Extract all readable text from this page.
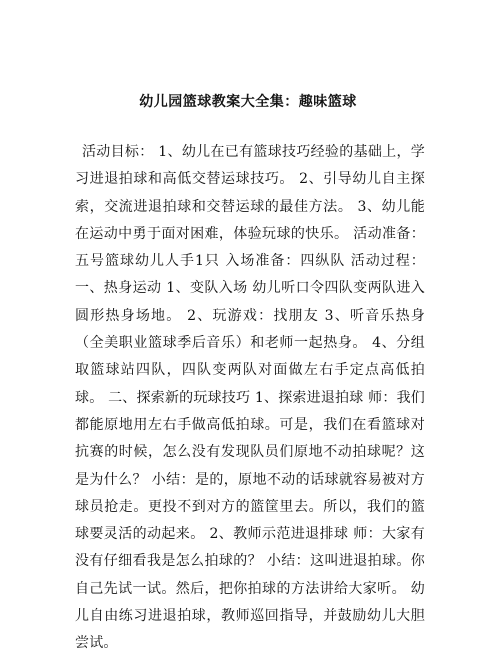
幼儿园篮球教案大全集：趣味篮球
活动目标： 1、幼儿在已有篮球技巧经验的基础上，学习进退拍球和高低交替运球技巧。 2、引导幼儿自主探索，交流进退拍球和交替运球的最佳方法。 3、幼儿能在运动中勇于面对困难，体验玩球的快乐。 活动准备：五号篮球幼儿人手1只 入场准备：四纵队 活动过程：一、热身运动 1、变队入场 幼儿听口令四队变两队进入圆形热身场地。 2、玩游戏：找朋友 3、听音乐热身（全美职业篮球季后音乐）和老师一起热身。 4、分组取篮球站四队，四队变两队对面做左右手定点高低拍球。 二、探索新的玩球技巧 1、探索进退拍球 师：我们都能原地用左右手做高低拍球。可是，我们在看篮球对抗赛的时候，怎么没有发现队员们原地不动拍球呢？这是为什么？ 小结：是的，原地不动的话球就容易被对方球员抢走。更投不到对方的篮筐里去。所以，我们的篮球要灵活的动起来。 2、教师示范进退排球 师：大家有没有仔细看我是怎么拍球的？ 小结：这叫进退拍球。你自己先试一试。然后，把你拍球的方法讲给大家听。 幼儿自由练习进退拍球，教师巡回指导，并鼓励幼儿大胆尝试。
